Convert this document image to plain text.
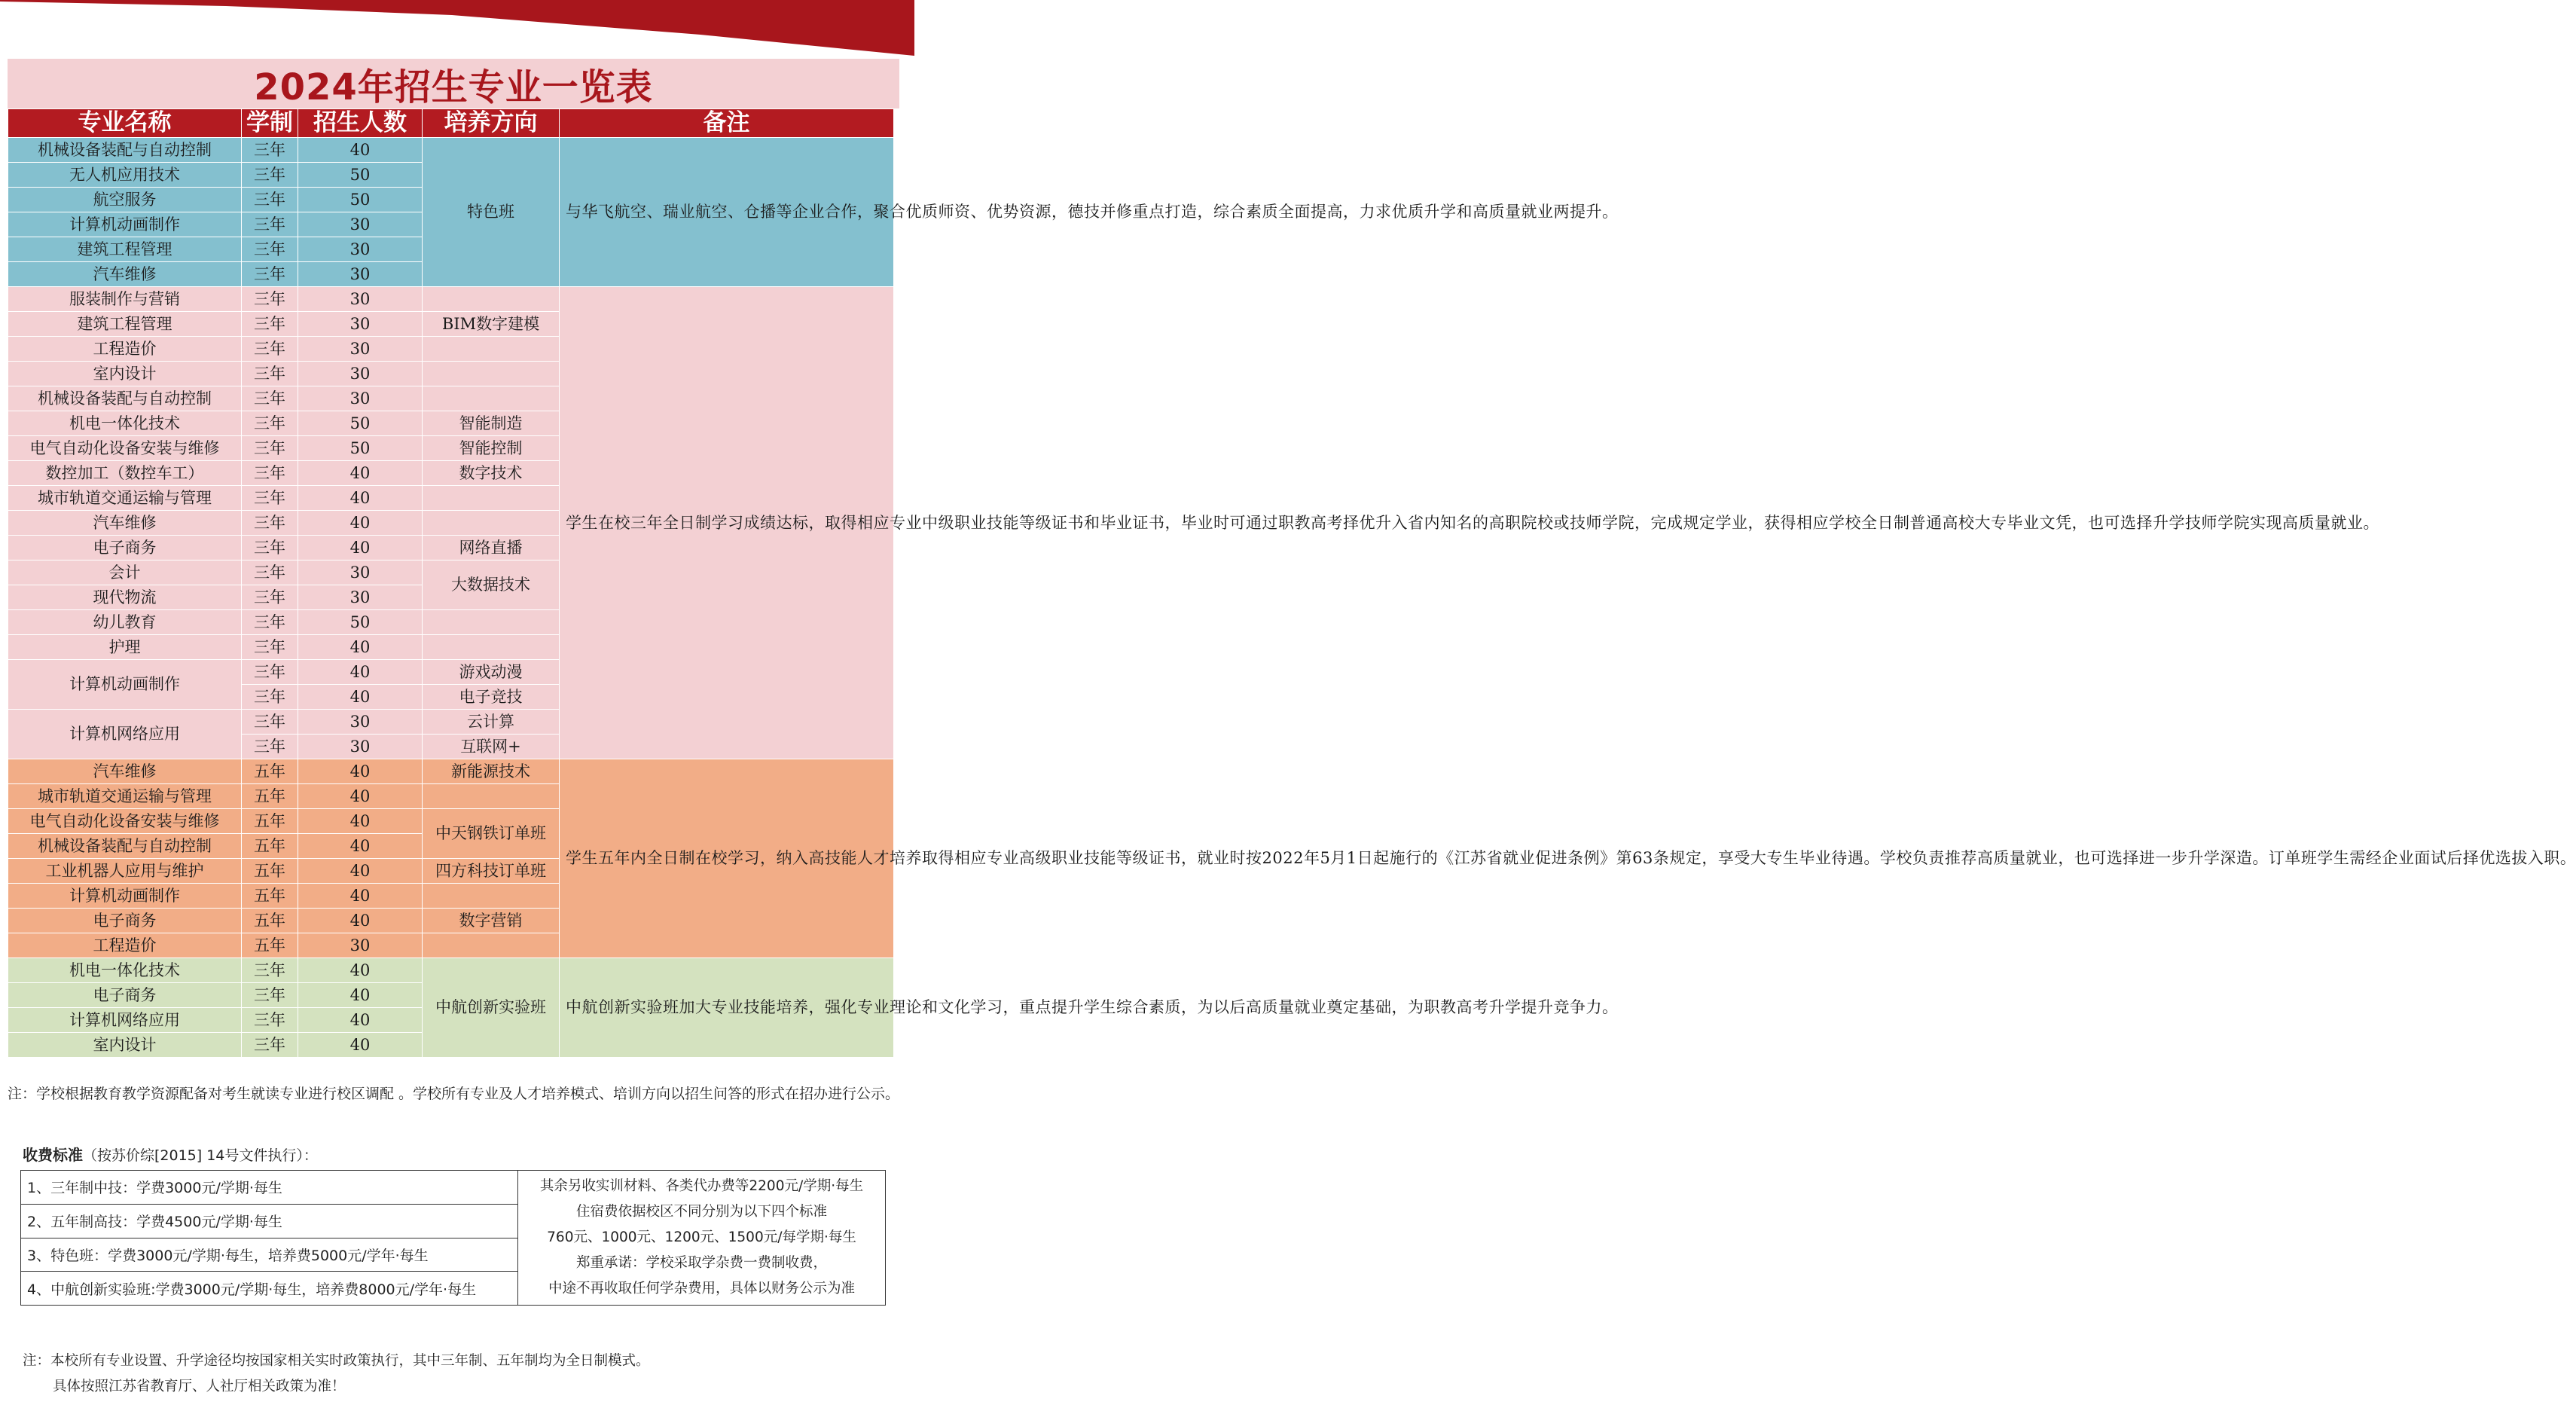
2024年招生专业一览表
专业名称	学制	招生人数	培养方向	备注
机械设备装配与自动控制	三年	40	特色班	与华飞航空、瑞业航空、仓播等企业合作，聚合优质师资、优势资源，德技并修重点打造，综合素质全面提高，力求优质升学和高质量就业两提升。
无人机应用技术	三年	50		
航空服务	三年	50		
计算机动画制作	三年	30		
建筑工程管理	三年	30		
汽车维修	三年	30		
服装制作与营销	三年	30		学生在校三年全日制学习成绩达标，取得相应专业中级职业技能等级证书和毕业证书，毕业时可通过职教高考择优升入省内知名的高职院校或技师学院，完成规定学业，获得相应学校全日制普通高校大专毕业文凭，也可选择升学技师学院实现高质量就业。
建筑工程管理	三年	30	BIM数字建模	
工程造价	三年	30		
室内设计	三年	30		
机械设备装配与自动控制	三年	30		
机电一体化技术	三年	50	智能制造	
电气自动化设备安装与维修	三年	50	智能控制	
数控加工（数控车工）	三年	40	数字技术	
城市轨道交通运输与管理	三年	40		
汽车维修	三年	40		
电子商务	三年	40	网络直播	
会计	三年	30	大数据技术	
现代物流	三年	30		
幼儿教育	三年	50		
护理	三年	40		
计算机动画制作	三年	40	游戏动漫	
	三年	40	电子竞技	
计算机网络应用	三年	30	云计算	
	三年	30	互联网+	
汽车维修	五年	40	新能源技术	学生五年内全日制在校学习，纳入高技能人才培养取得相应专业高级职业技能等级证书，就业时按2022年5月1日起施行的《江苏省就业促进条例》第63条规定，享受大专生毕业待遇。学校负责推荐高质量就业，也可选择进一步升学深造。订单班学生需经企业面试后择优选拔入职。
城市轨道交通运输与管理	五年	40		
电气自动化设备安装与维修	五年	40	中天钢铁订单班	
机械设备装配与自动控制	五年	40		
工业机器人应用与维护	五年	40	四方科技订单班	
计算机动画制作	五年	40		
电子商务	五年	40	数字营销	
工程造价	五年	30		
机电一体化技术	三年	40	中航创新实验班	中航创新实验班加大专业技能培养，强化专业理论和文化学习，重点提升学生综合素质，为以后高质量就业奠定基础，为职教高考升学提升竞争力。
电子商务	三年	40		
计算机网络应用	三年	40		
室内设计	三年	40		
注：学校根据教育教学资源配备对考生就读专业进行校区调配 。学校所有专业及人才培养模式、培训方向以招生问答的形式在招办进行公示。
收费标准（按苏价综[2015] 14号文件执行）：
1、三年制中技：学费3000元/学期·每生	其余另收实训材料、各类代办费等2200元/学期·每生
住宿费依据校区不同分别为以下四个标准
760元、1000元、1200元、1500元/每学期·每生
郑重承诺：学校采取学杂费一费制收费，
中途不再收取任何学杂费用，具体以财务公示为准

2、五年制高技：学费4500元/学期·每生
3、特色班：学费3000元/学期·每生，培养费5000元/学年·每生
4、中航创新实验班:学费3000元/学期·每生，培养费8000元/学年·每生
注：本校所有专业设置、升学途径均按国家相关实时政策执行，其中三年制、五年制均为全日制模式。
具体按照江苏省教育厅、人社厅相关政策为准！
